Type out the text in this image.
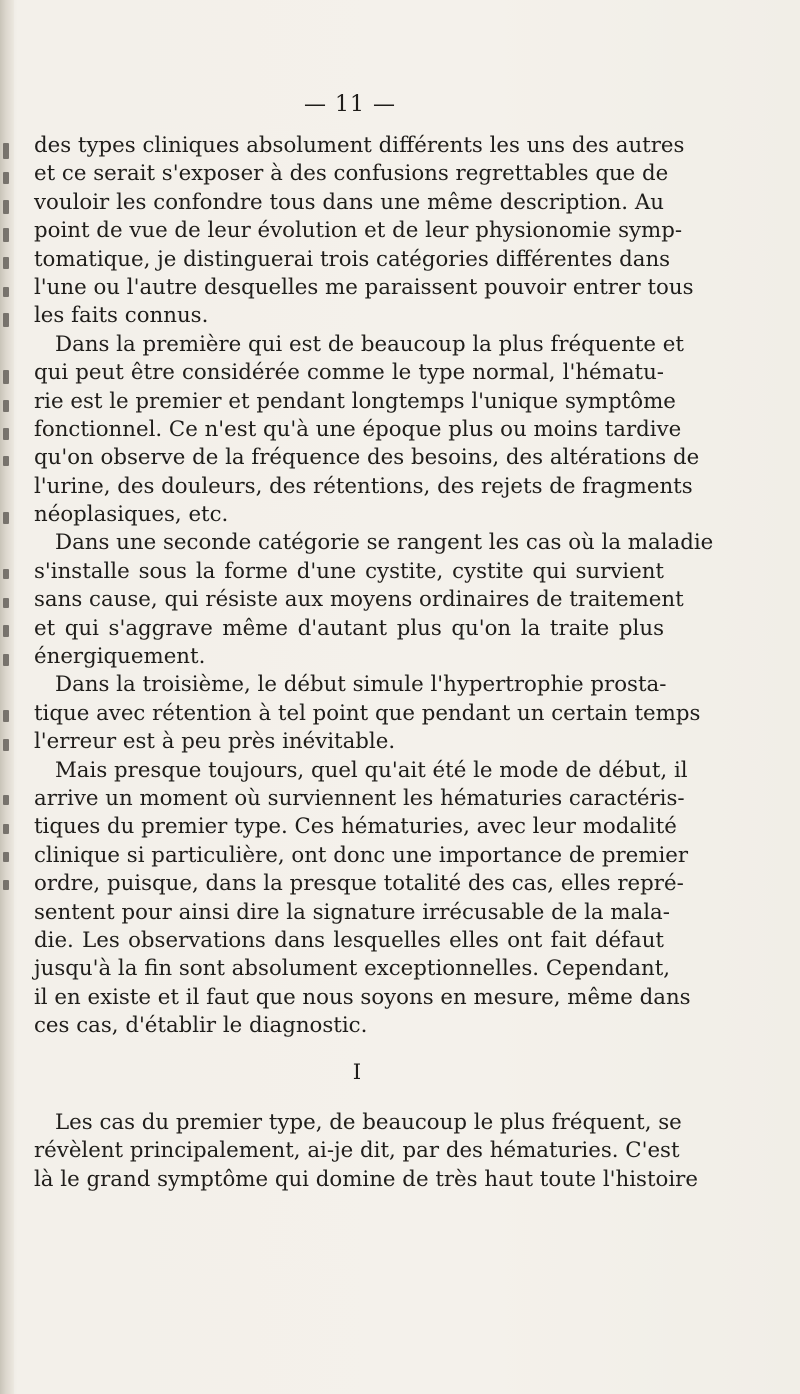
— 11 —
des types cliniques absolument différents les uns des autres
et ce serait s'exposer à des confusions regrettables que de
vouloir les confondre tous dans une même description. Au
point de vue de leur évolution et de leur physionomie symp-
tomatique, je distinguerai trois catégories différentes dans
l'une ou l'autre desquelles me paraissent pouvoir entrer tous
les faits connus.
Dans la première qui est de beaucoup la plus fréquente et
qui peut être considérée comme le type normal, l'hématu-
rie est le premier et pendant longtemps l'unique symptôme
fonctionnel. Ce n'est qu'à une époque plus ou moins tardive
qu'on observe de la fréquence des besoins, des altérations de
l'urine, des douleurs, des rétentions, des rejets de fragments
néoplasiques, etc.
Dans une seconde catégorie se rangent les cas où la maladie
s'installe sous la forme d'une cystite, cystite qui survient
sans cause, qui résiste aux moyens ordinaires de traitement
et qui s'aggrave même d'autant plus qu'on la traite plus
énergiquement.
Dans la troisième, le début simule l'hypertrophie prosta-
tique avec rétention à tel point que pendant un certain temps
l'erreur est à peu près inévitable.
Mais presque toujours, quel qu'ait été le mode de début, il
arrive un moment où surviennent les hématuries caractéris-
tiques du premier type. Ces hématuries, avec leur modalité
clinique si particulière, ont donc une importance de premier
ordre, puisque, dans la presque totalité des cas, elles repré-
sentent pour ainsi dire la signature irrécusable de la mala-
die. Les observations dans lesquelles elles ont fait défaut
jusqu'à la fin sont absolument exceptionnelles. Cependant,
il en existe et il faut que nous soyons en mesure, même dans
ces cas, d'établir le diagnostic.
I
Les cas du premier type, de beaucoup le plus fréquent, se
révèlent principalement, ai-je dit, par des hématuries. C'est
là le grand symptôme qui domine de très haut toute l'histoire
